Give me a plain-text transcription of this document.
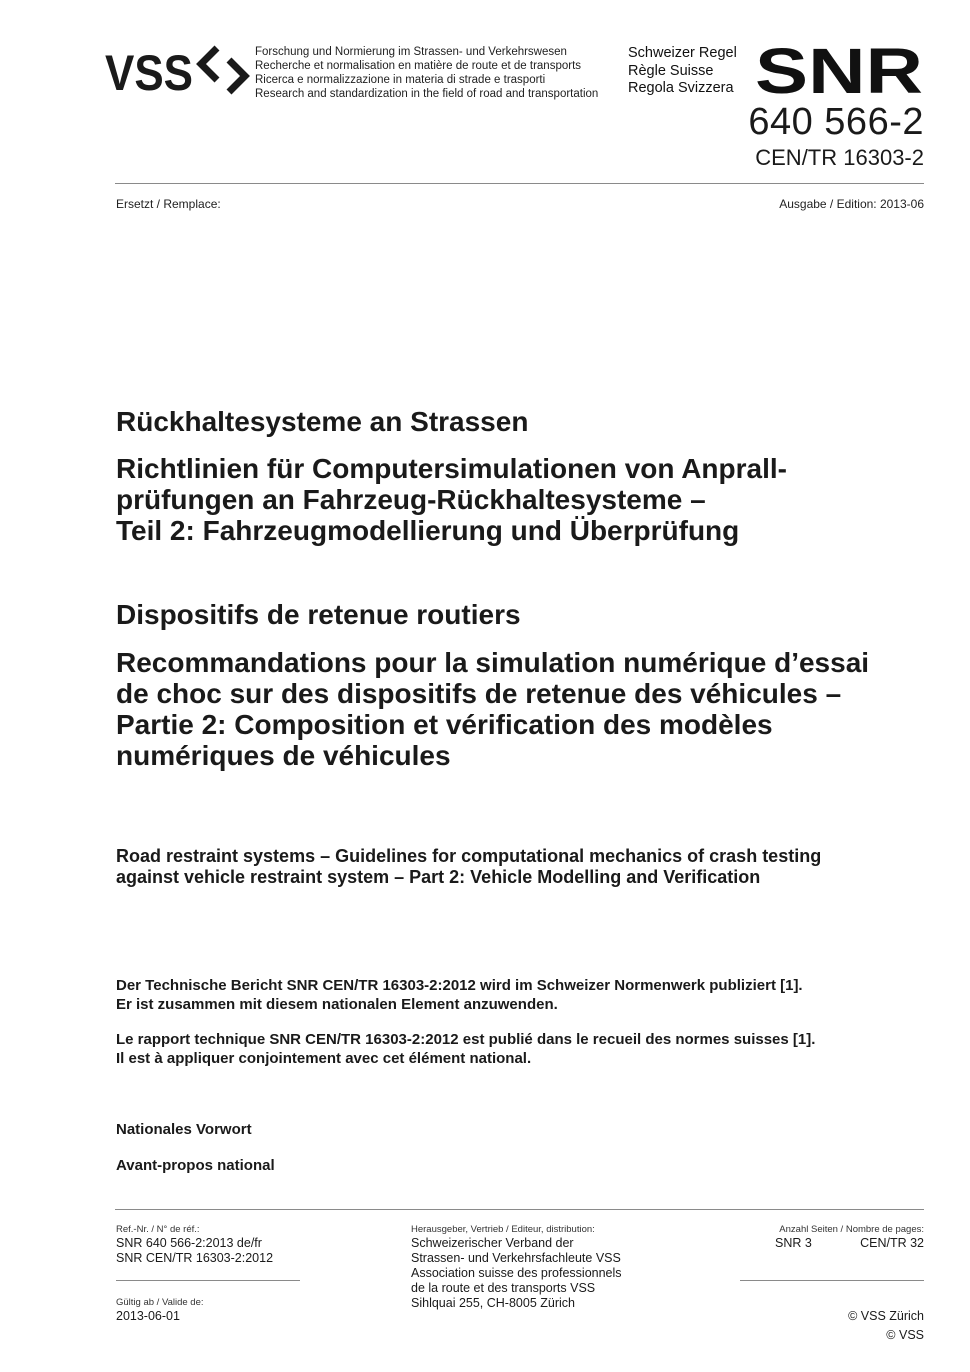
VSS	Forschung und Normierung im Strassen- und Verkehrswesen
Recherche et normalisation en matière de route et de transports
Ricerca e normalizzazione in materia di strade e trasporti
Research and standardization in the field of road and transportation
Schweizer Regel
Règle Suisse
Regola Svizzera SNR
640 566-2
CEN/TR 16303-2
Ersetzt / Remplace:	Ausgabe / Edition: 2013-06

Rückhaltesysteme an Strassen

Richtlinien für Computersimulationen von Anprall-

prüfungen an Fahrzeug-Rückhaltesysteme –

Teil 2: Fahrzeugmodellierung und Überprüfung

Dispositifs de retenue routiers

Recommandations pour la simulation numérique d’essai

de choc sur des dispositifs de retenue des véhicules –

Partie 2: Composition et vérification des modèles

numériques de véhicules

Road restraint systems – Guidelines for computational mechanics of crash testing
against vehicle restraint system – Part 2: Vehicle Modelling and Verification
Der Technische Bericht SNR CEN/TR 16303-2:2012 wird im Schweizer Normenwerk publiziert [1].
Er ist zusammen mit diesem nationalen Element anzuwenden.
Le rapport technique SNR CEN/TR 16303-2:2012 est publié dans le recueil des normes suisses [1].
Il est à appliquer conjointement avec cet élément national.
Nationales Vorwort
Avant-propos national
Ref.-Nr. / N° de réf.:
SNR 640 566-2:2013 de/fr
SNR CEN/TR 16303-2:2012
Gültig ab / Valide de:
2013-06-01
Herausgeber, Vertrieb / Editeur, distribution:
Schweizerischer Verband der
Strassen- und Verkehrsfachleute VSS
Association suisse des professionnels
de la route et des transports VSS
Sihlquai 255, CH-8005 Zürich
Anzahl Seiten / Nombre de pages:
SNR 3	CEN/TR 32
© VSS Zürich
© VSS
